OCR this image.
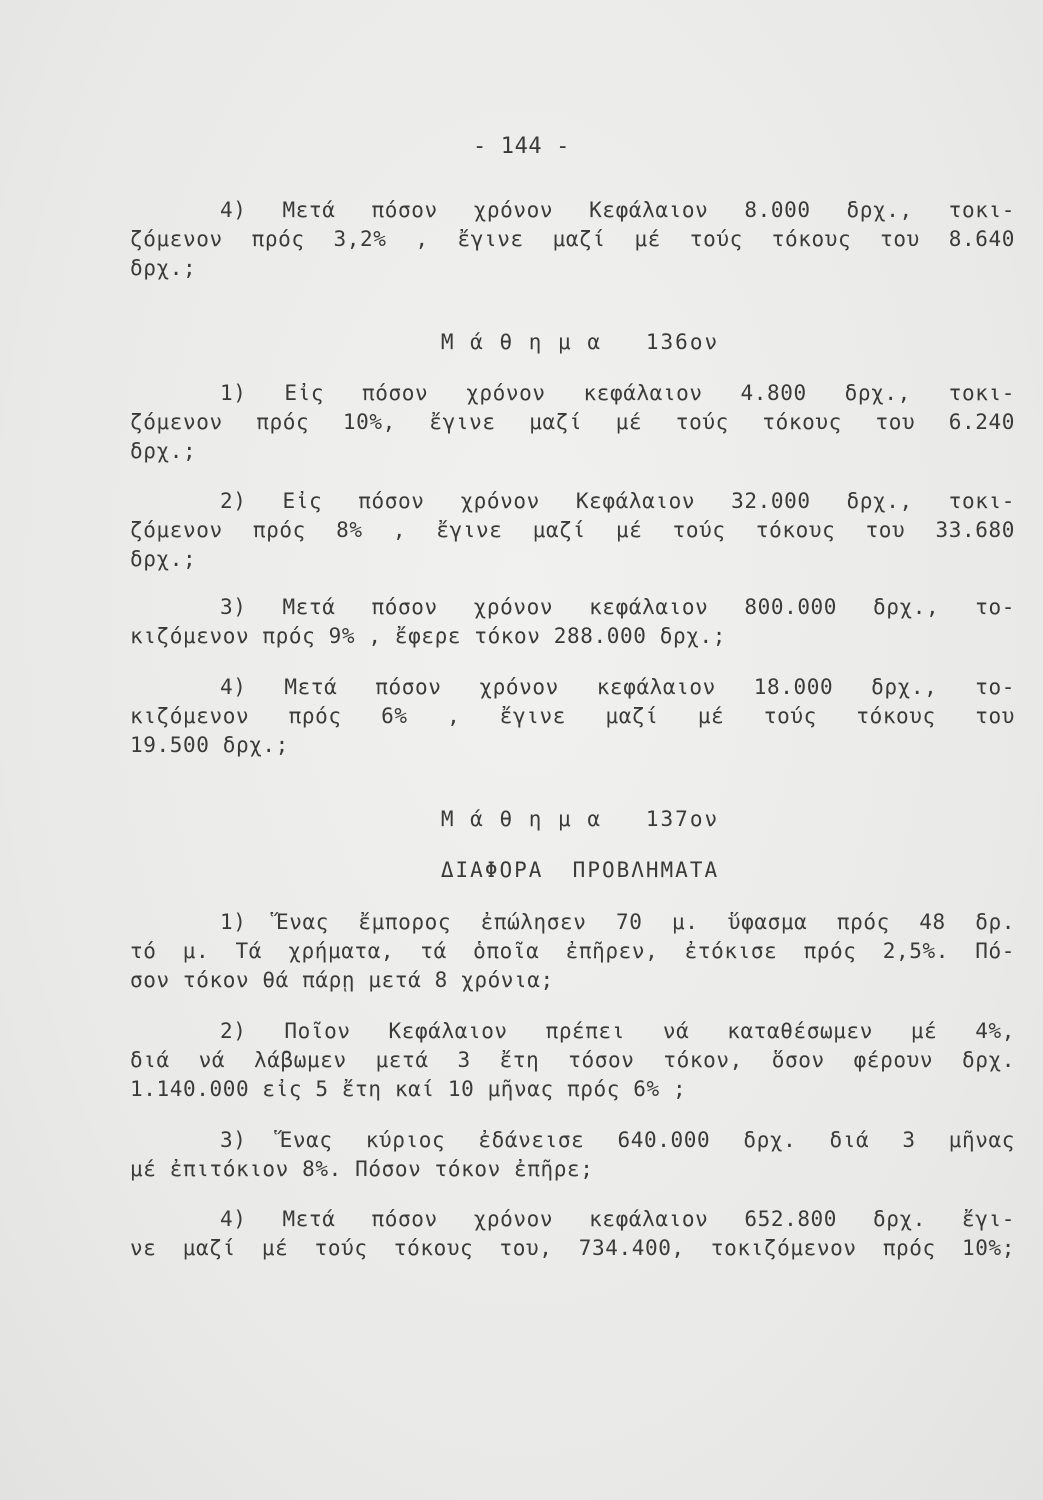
- 144 -
4) Μετά πόσον χρόνον Κεφάλαιον 8.000 δρχ., τοκι-
ζόμενον πρός 3,2% , ἔγινε μαζί μέ τούς τόκους του 8.640
δρχ.;
Μ ά θ η μ α   136ον
1) Εἰς πόσον χρόνον κεφάλαιον 4.800 δρχ., τοκι-
ζόμενον πρός 10%, ἔγινε μαζί μέ τούς τόκους του 6.240
δρχ.;
2) Εἰς πόσον χρόνον Κεφάλαιον 32.000 δρχ., τοκι-
ζόμενον πρός 8% , ἔγινε μαζί μέ τούς τόκους του 33.680
δρχ.;
3) Μετά πόσον χρόνον κεφάλαιον 800.000 δρχ., το-
κιζόμενον πρός 9% , ἔφερε τόκον 288.000 δρχ.;
4) Μετά πόσον χρόνον κεφάλαιον 18.000 δρχ., το-
κιζόμενον πρός 6% , ἔγινε μαζί μέ τούς τόκους του
19.500 δρχ.;
Μ ά θ η μ α   137ον
ΔΙΑΦΟΡΑ  ΠΡΟΒΛΗΜΑΤΑ
1) Ἕνας ἔμπορος ἐπώλησεν 70 μ. ὕφασμα πρός 48 δρ.
τό μ. Τά χρήματα, τά ὁποῖα ἐπῆρεν, ἐτόκισε πρός 2,5%. Πό-
σον τόκον θά πάρῃ μετά 8 χρόνια;
2) Ποῖον Κεφάλαιον πρέπει νά καταθέσωμεν μέ 4%,
διά νά λάβωμεν μετά 3 ἔτη τόσον τόκον, ὅσον φέρουν δρχ.
1.140.000 εἰς 5 ἔτη καί 10 μῆνας πρός 6% ;
3) Ἕνας κύριος ἐδάνεισε 640.000 δρχ. διά 3 μῆνας
μέ ἐπιτόκιον 8%. Πόσον τόκον ἐπῆρε;
4) Μετά πόσον χρόνον κεφάλαιον 652.800 δρχ. ἔγι-
νε μαζί μέ τούς τόκους του, 734.400, τοκιζόμενον πρός 10%;
